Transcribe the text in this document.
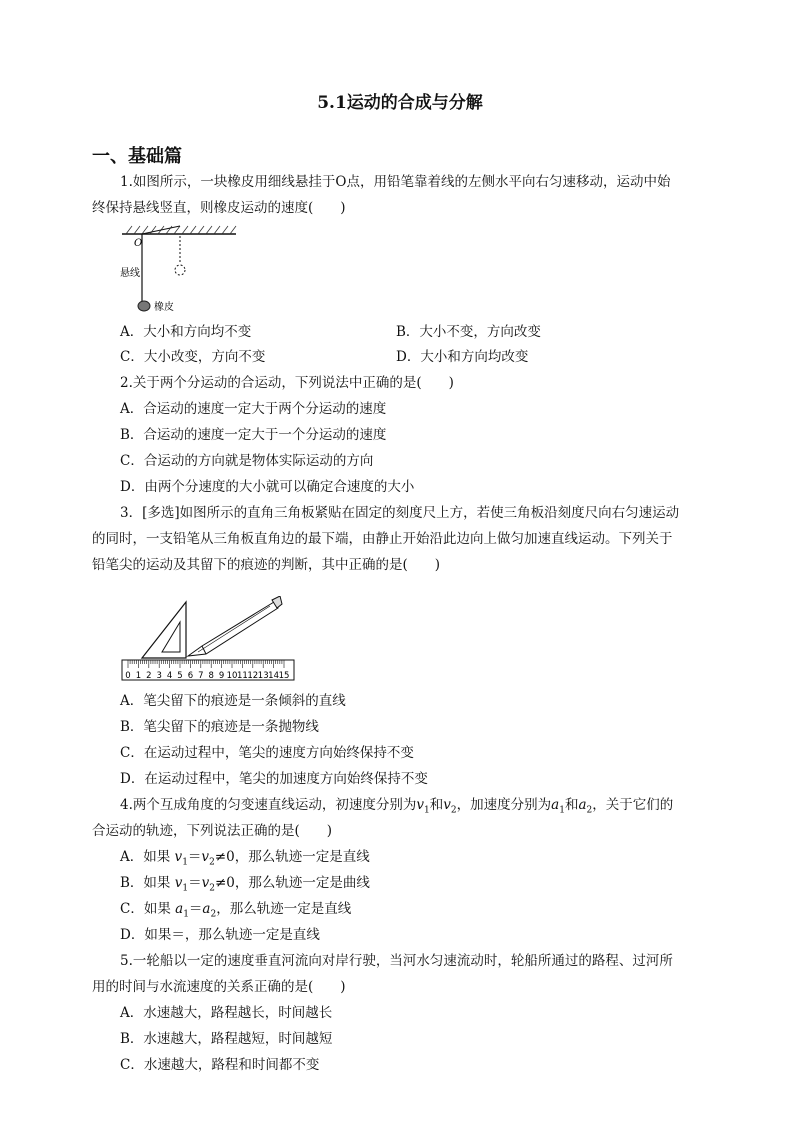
5.1运动的合成与分解
一、基础篇
1.如图所示，一块橡皮用细线悬挂于O点，用铅笔靠着线的左侧水平向右匀速移动，运动中始
终保持悬线竖直，则橡皮运动的速度(　　)
O
悬线
橡皮
A．大小和方向均不变	B．大小不变，方向改变
C．大小改变，方向不变	D．大小和方向均改变
2.关于两个分运动的合运动，下列说法中正确的是(　　)
A．合运动的速度一定大于两个分运动的速度
B．合运动的速度一定大于一个分运动的速度
C．合运动的方向就是物体实际运动的方向
D．由两个分速度的大小就可以确定合速度的大小
3．[多选]如图所示的直角三角板紧贴在固定的刻度尺上方，若使三角板沿刻度尺向右匀速运动
的同时，一支铅笔从三角板直角边的最下端，由静止开始沿此边向上做匀加速直线运动。下列关于
铅笔尖的运动及其留下的痕迹的判断，其中正确的是(　　)
0 1 2 3 4 5 6 7 8 9 10 11 12 13 14 15
A．笔尖留下的痕迹是一条倾斜的直线
B．笔尖留下的痕迹是一条抛物线
C．在运动过程中，笔尖的速度方向始终保持不变
D．在运动过程中，笔尖的加速度方向始终保持不变
4.两个互成角度的匀变速直线运动，初速度分别为$v_1$和$v_2$，加速度分别为$a_1$和$a_2$，关于它们的
合运动的轨迹，下列说法正确的是(　　)
A．如果 $v_1=v_2\ne 0$，那么轨迹一定是直线
B．如果 $v_1=v_2\ne 0$，那么轨迹一定是曲线
C．如果 $a_1=a_2$，那么轨迹一定是直线
D．如果＝，那么轨迹一定是直线
5.一轮船以一定的速度垂直河流向对岸行驶，当河水匀速流动时，轮船所通过的路程、过河所
用的时间与水流速度的关系正确的是(　　)
A．水速越大，路程越长，时间越长
B．水速越大，路程越短，时间越短
C．水速越大，路程和时间都不变
